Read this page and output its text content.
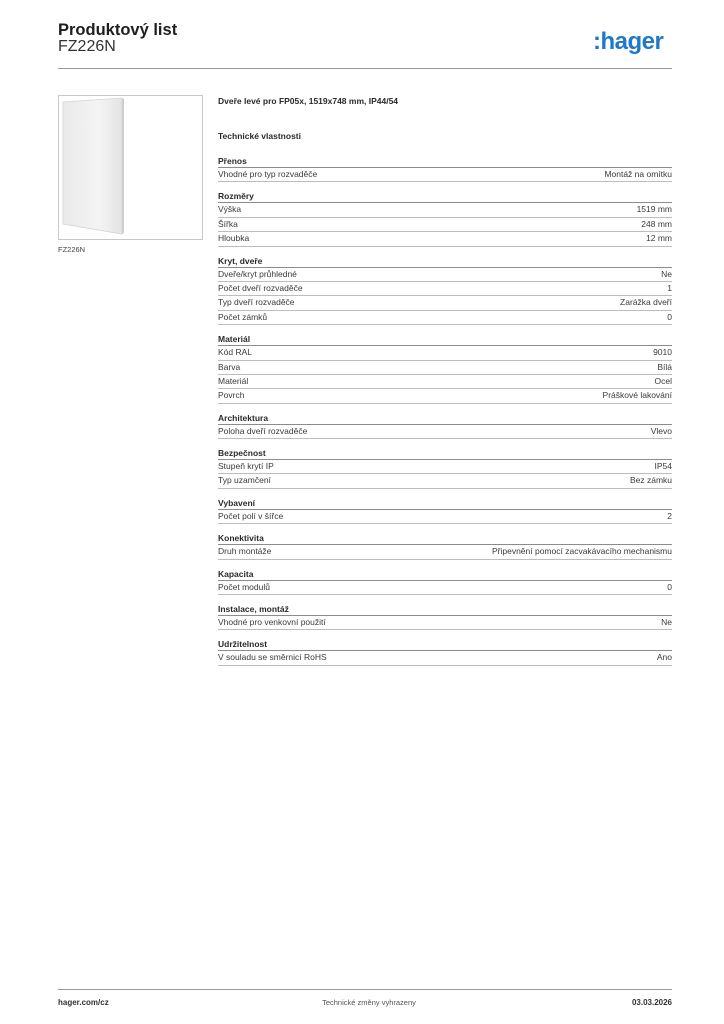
Produktový list
FZ226N	:hager
FZ226N
Dveře levé pro FP05x, 1519x748 mm, IP44/54
Technické vlastnosti
Přenos
Vhodné pro typ rozvaděče	Montáž na omítku
Rozměry
Výška	1519 mm
Šířka	248 mm
Hloubka	12 mm
Kryt, dveře
Dveře/kryt průhledné	Ne
Počet dveří rozvaděče	1
Typ dveří rozvaděče	Zarážka dveří
Počet zámků	0
Materiál
Kód RAL	9010
Barva	Bílá
Materiál	Ocel
Povrch	Práškové lakování
Architektura
Poloha dveří rozvaděče	Vlevo
Bezpečnost
Stupeň krytí IP	IP54
Typ uzamčení	Bez zámku
Vybavení
Počet polí v šířce	2
Konektivita
Druh montáže	Připevnění pomocí zacvakávacího mechanismu
Kapacita
Počet modulů	0
Instalace, montáž
Vhodné pro venkovní použití	Ne
Udržitelnost
V souladu se směrnicí RoHS	Ano
hager.com/cz	Technické změny vyhrazeny	03.03.2026
